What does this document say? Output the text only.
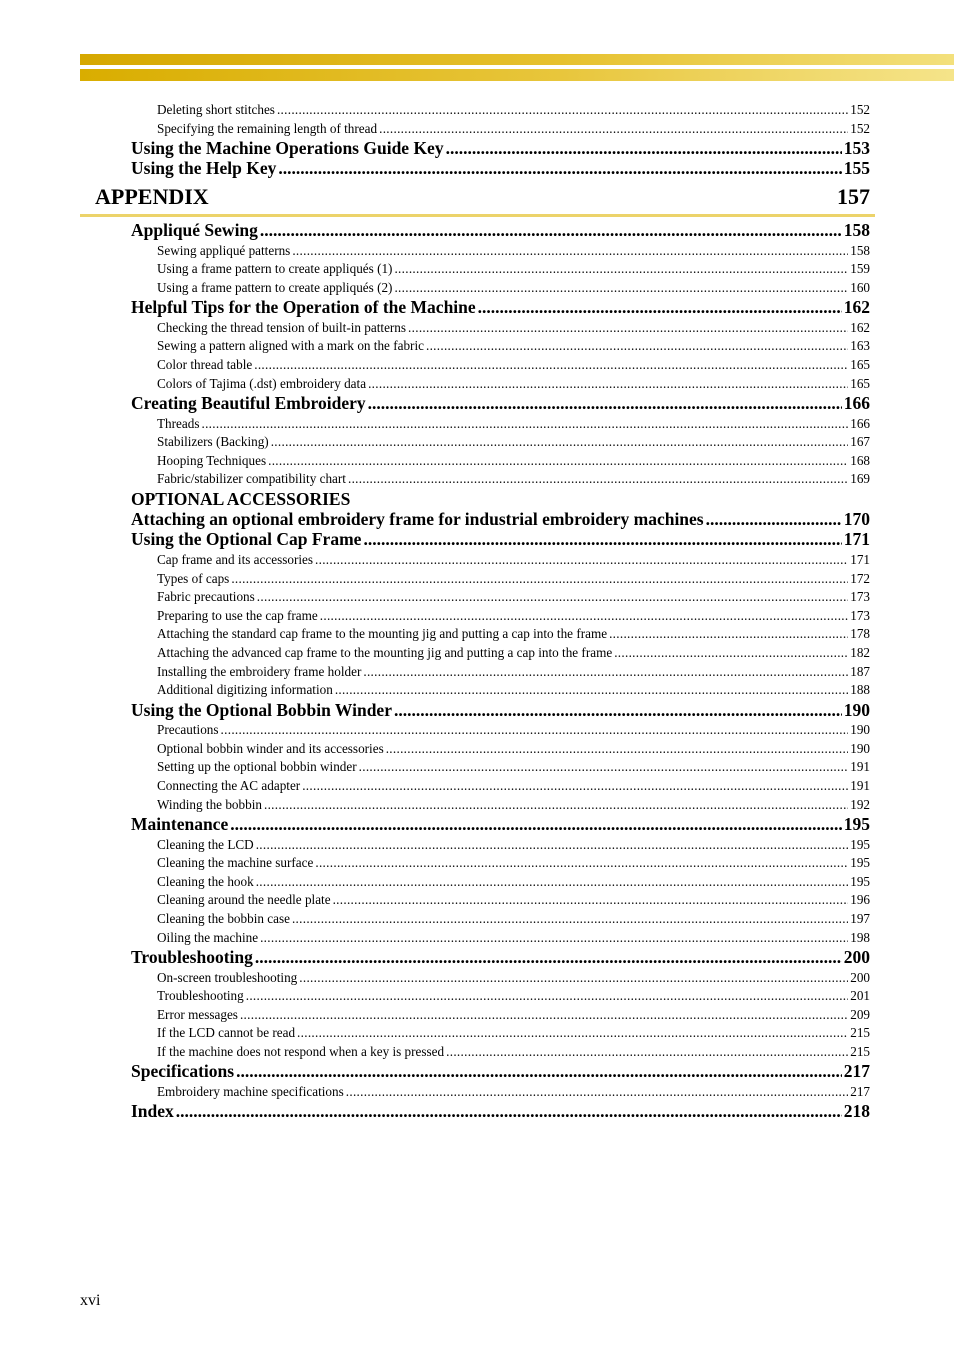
Deleting short stitches .....	152
Specifying the remaining length of thread .....	152
Using the Machine Operations Guide Key .....	153
Using the Help Key .....	155
Appliqué Sewing .....	158
Sewing appliqué patterns .....	158
Using a frame pattern to create appliqués (1) .....	159
Using a frame pattern to create appliqués (2) .....	160
Helpful Tips for the Operation of the Machine .....	162
Checking the thread tension of built-in patterns .....	162
Sewing a pattern aligned with a mark on the fabric .....	163
Color thread table .....	165
Colors of Tajima (.dst) embroidery data .....	165
Creating Beautiful Embroidery .....	166
Threads .....	166
Stabilizers (Backing) .....	167
Hooping Techniques .....	168
Fabric/stabilizer compatibility chart .....	169
OPTIONAL ACCESSORIES
Attaching an optional embroidery frame for industrial embroidery machines .....	170
Using the Optional Cap Frame .....	171
Cap frame and its accessories .....	171
Types of caps .....	172
Fabric precautions .....	173
Preparing to use the cap frame .....	173
Attaching the standard cap frame to the mounting jig and putting a cap into the frame .....	178
Attaching the advanced cap frame to the mounting jig and putting a cap into the frame .....	182
Installing the embroidery frame holder .....	187
Additional digitizing information .....	188
Using the Optional Bobbin Winder .....	190
Precautions .....	190
Optional bobbin winder and its accessories .....	190
Setting up the optional bobbin winder .....	191
Connecting the AC adapter .....	191
Winding the bobbin .....	192
Maintenance .....	195
Cleaning the LCD .....	195
Cleaning the machine surface .....	195
Cleaning the hook .....	195
Cleaning around the needle plate .....	196
Cleaning the bobbin case .....	197
Oiling the machine .....	198
Troubleshooting .....	200
On-screen troubleshooting .....	200
Troubleshooting .....	201
Error messages .....	209
If the LCD cannot be read .....	215
If the machine does not respond when a key is pressed .....	215
Specifications .....	217
Embroidery machine specifications .....	217
Index .....	218
APPENDIX	157
xvi
